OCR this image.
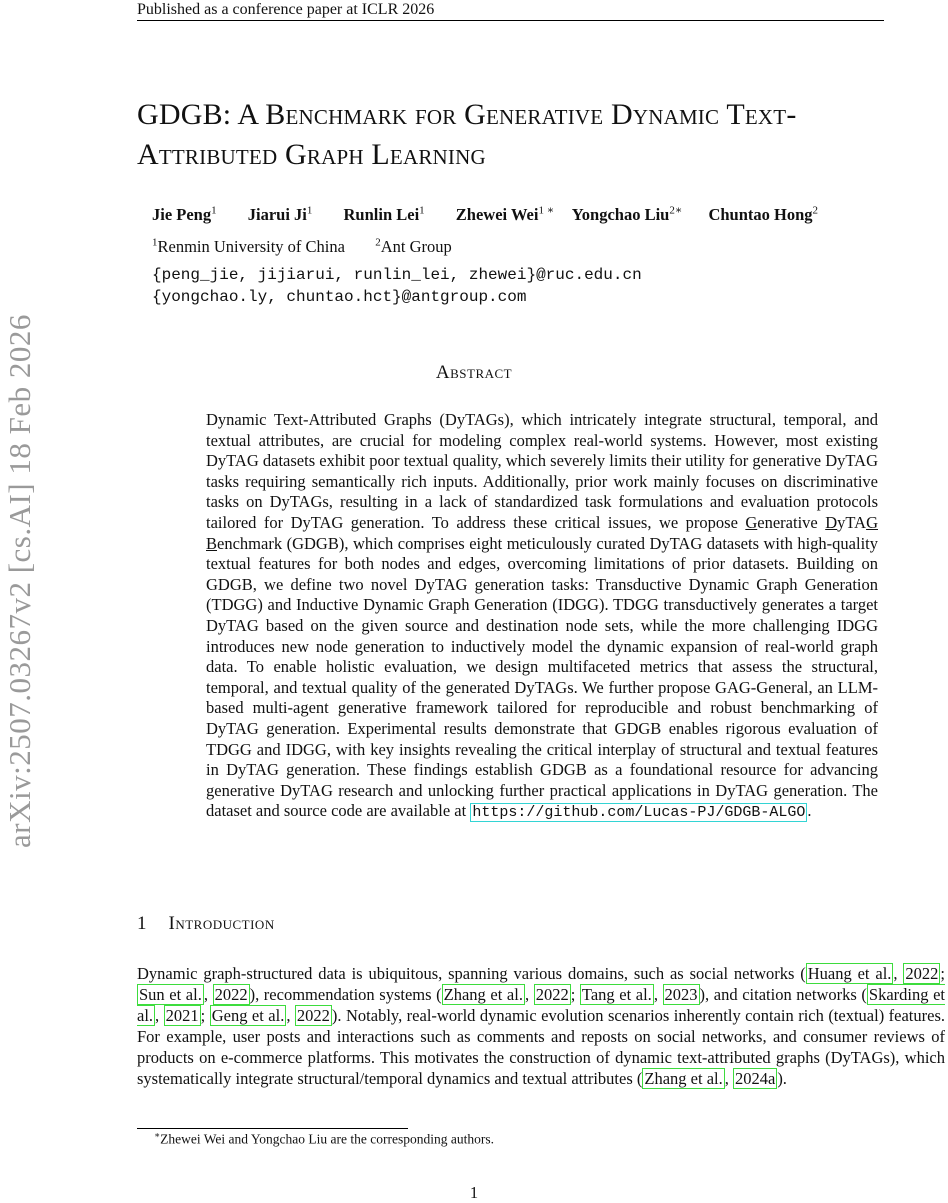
Published as a conference paper at ICLR 2026
arXiv:2507.03267v2 [cs.AI] 18 Feb 2026
GDGB: A Benchmark for Generative Dynamic Text-
Attributed Graph Learning
Jie Peng$^1$ Jiarui Ji$^1$ Runlin Lei$^1$ Zhewei Wei$^{1 ∗}$ Yongchao Liu$^{2∗}$ Chuntao Hong$^2$
$^1$Renmin University of China	$^2$Ant Group
{peng_jie, jijiarui, runlin_lei, zhewei}@ruc.edu.cn
{yongchao.ly, chuntao.hct}@antgroup.com
Abstract
Dynamic Text-Attributed Graphs (DyTAGs), which intricately integrate structural, temporal, and textual attributes, are crucial for modeling complex real-world systems. However, most existing DyTAG datasets exhibit poor textual quality, which severely limits their utility for generative DyTAG tasks requiring semantically rich inputs. Additionally, prior work mainly focuses on discriminative tasks on DyTAGs, resulting in a lack of standardized task formulations and evaluation protocols tailored for DyTAG generation. To address these critical issues, we propose Generative DyTAG Benchmark (GDGB), which comprises eight meticulously curated DyTAG datasets with high-quality textual features for both nodes and edges, overcoming limitations of prior datasets. Building on GDGB, we define two novel DyTAG generation tasks: Transductive Dynamic Graph Generation (TDGG) and Inductive Dynamic Graph Generation (IDGG). TDGG transductively generates a target DyTAG based on the given source and destination node sets, while the more challenging IDGG introduces new node generation to inductively model the dynamic expansion of real-world graph data. To enable holistic evaluation, we design multifaceted metrics that assess the structural, temporal, and textual quality of the generated DyTAGs. We further propose GAG-General, an LLM-based multi-agent generative framework tailored for reproducible and robust benchmarking of DyTAG generation. Experimental results demonstrate that GDGB enables rigorous evaluation of TDGG and IDGG, with key insights revealing the critical interplay of structural and textual features in DyTAG generation. These findings establish GDGB as a foundational resource for advancing generative DyTAG research and unlocking further practical applications in DyTAG generation. The dataset and source code are available at https://github.com/Lucas-PJ/GDGB-ALGO .
1 Introduction
Dynamic graph-structured data is ubiquitous, spanning various domains, such as social networks ( Huang et al. , 2022 ; Sun et al. , 2022 ), recommendation systems ( Zhang et al. , 2022 ; Tang et al. , 2023 ), and citation networks ( Skarding et al. , 2021 ; Geng et al. , 2022 ). Notably, real-world dynamic evolution scenarios inherently contain rich (textual) features. For example, user posts and interactions such as comments and reposts on social networks, and consumer reviews of products on e-commerce platforms. This motivates the construction of dynamic text-attributed graphs (DyTAGs), which systematically integrate structural/temporal dynamics and textual attributes ( Zhang et al. , 2024a ).
∗Zhewei Wei and Yongchao Liu are the corresponding authors.
1
